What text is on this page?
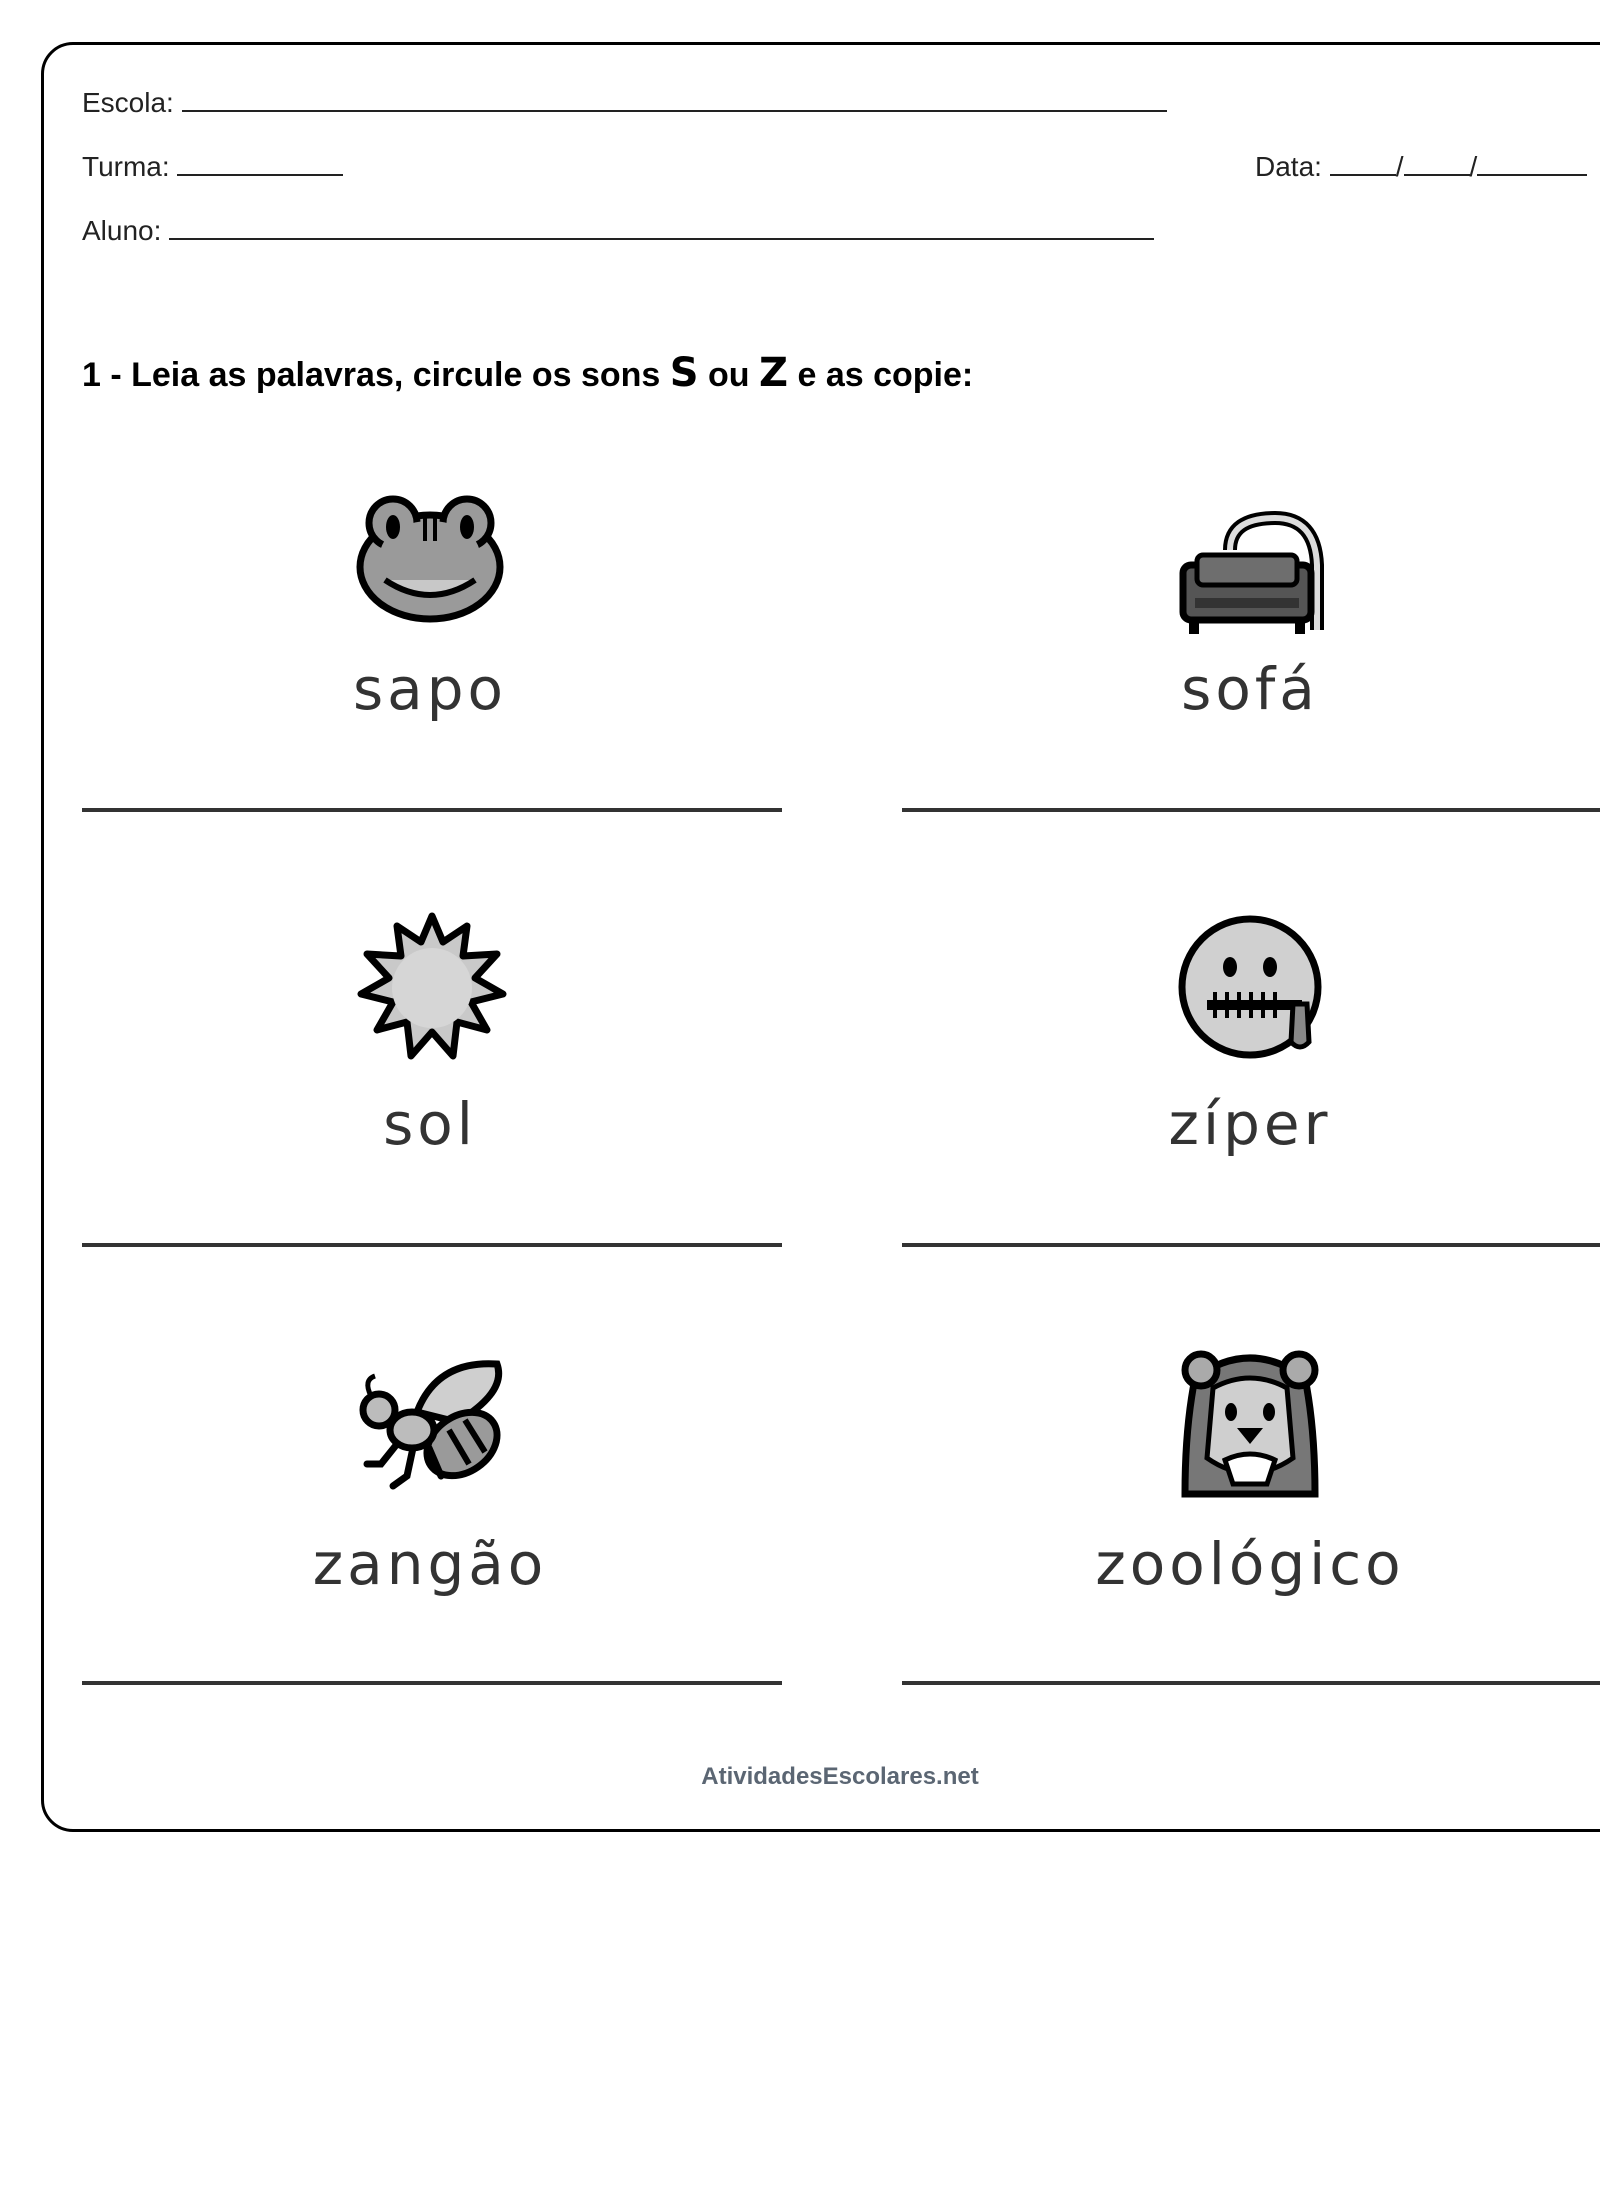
Escola:
Turma:	Data:	/ /
Aluno:
1 - Leia as palavras, circule os sons S ou Z e as copie:
sapo	sofá
sol	zíper
zangão	zoológico
AtividadesEscolares.net
